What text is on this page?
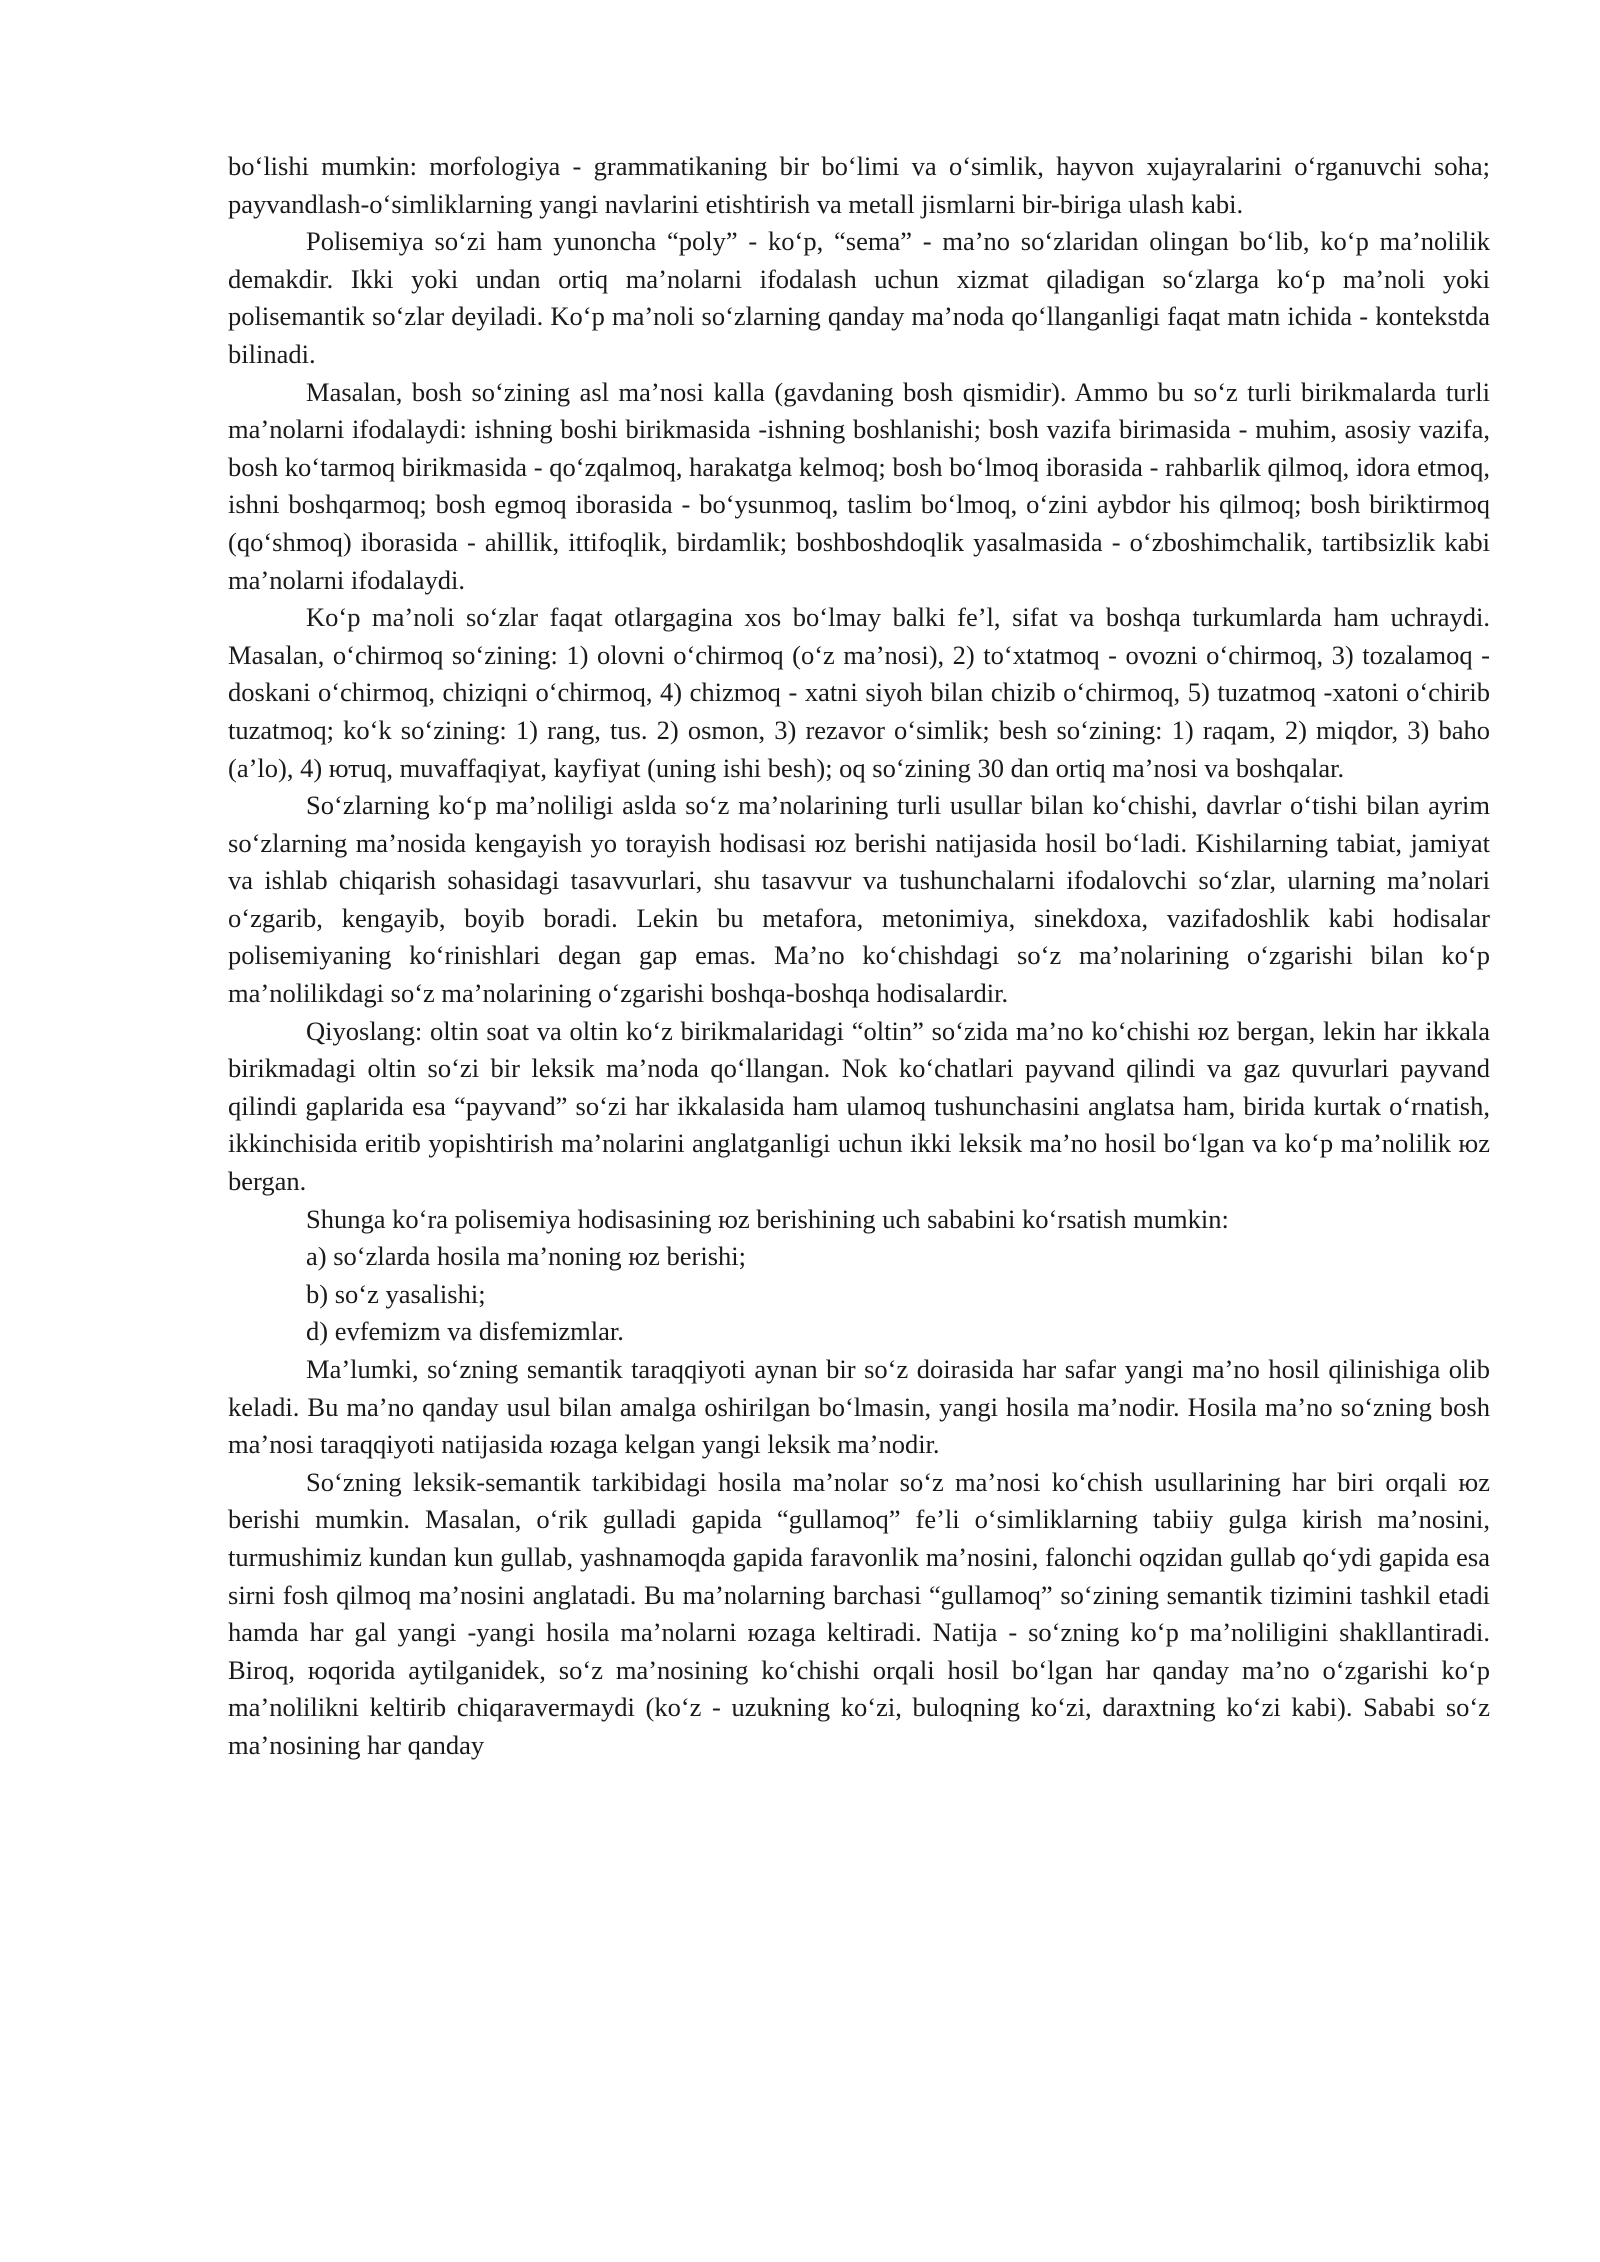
bo‘lishi mumkin: morfologiya - grammatikaning bir bo‘limi va o‘simlik, hayvon xujayralarini o‘rganuvchi soha; payvandlash-o‘simliklarning yangi navlarini etishtirish va metall jismlarni bir-biriga ulash kabi.

Polisemiya so‘zi ham yunoncha “poly” - ko‘p, “sema” - ma’no so‘zlaridan olingan bo‘lib, ko‘p ma’nolilik demakdir. Ikki yoki undan ortiq ma’nolarni ifodalash uchun xizmat qiladigan so‘zlarga ko‘p ma’noli yoki polisemantik so‘zlar deyiladi. Ko‘p ma’noli so‘zlarning qanday ma’noda qo‘llanganligi faqat matn ichida - kontekstda bilinadi.

Masalan, bosh so‘zining asl ma’nosi kalla (gavdaning bosh qismidir). Ammo bu so‘z turli birikmalarda turli ma’nolarni ifodalaydi: ishning boshi birikmasida -ishning boshlanishi; bosh vazifa birimasida - muhim, asosiy vazifa, bosh ko‘tarmoq birikmasida - qo‘zqalmoq, harakatga kelmoq; bosh bo‘lmoq iborasida - rahbarlik qilmoq, idora etmoq, ishni boshqarmoq; bosh egmoq iborasida - bo‘ysunmoq, taslim bo‘lmoq, o‘zini aybdor his qilmoq; bosh biriktirmoq (qo‘shmoq) iborasida - ahillik, ittifoqlik, birdamlik; boshboshdoqlik yasalmasida - o‘zboshimchalik, tartibsizlik kabi ma’nolarni ifodalaydi.

Ko‘p ma’noli so‘zlar faqat otlargagina xos bo‘lmay balki fe’l, sifat va boshqa turkumlarda ham uchraydi. Masalan, o‘chirmoq so‘zining: 1) olovni o‘chirmoq (o‘z ma’nosi), 2) to‘xtatmoq - ovozni o‘chirmoq, 3) tozalamoq -doskani o‘chirmoq, chiziqni o‘chirmoq, 4) chizmoq - xatni siyoh bilan chizib o‘chirmoq, 5) tuzatmoq -xatoni o‘chirib tuzatmoq; ko‘k so‘zining: 1) rang, tus. 2) osmon, 3) rezavor o‘simlik; besh so‘zining: 1) raqam, 2) miqdor, 3) baho (a’lo), 4) ютuq, muvaffaqiyat, kayfiyat (uning ishi besh); oq so‘zining 30 dan ortiq ma’nosi va boshqalar.

So‘zlarning ko‘p ma’noliligi aslda so‘z ma’nolarining turli usullar bilan ko‘chishi, davrlar o‘tishi bilan ayrim so‘zlarning ma’nosida kengayish yo torayish hodisasi юz berishi natijasida hosil bo‘ladi. Kishilarning tabiat, jamiyat va ishlab chiqarish sohasidagi tasavvurlari, shu tasavvur va tushunchalarni ifodalovchi so‘zlar, ularning ma’nolari o‘zgarib, kengayib, boyib boradi. Lekin bu metafora, metonimiya, sinekdoxa, vazifadoshlik kabi hodisalar polisemiyaning ko‘rinishlari degan gap emas. Ma’no ko‘chishdagi so‘z ma’nolarining o‘zgarishi bilan ko‘p ma’nolilikdagi so‘z ma’nolarining o‘zgarishi boshqa-boshqa hodisalardir.

Qiyoslang: oltin soat va oltin ko‘z birikmalaridagi “oltin” so‘zida ma’no ko‘chishi юz bergan, lekin har ikkala birikmadagi oltin so‘zi bir leksik ma’noda qo‘llangan. Nok ko‘chatlari payvand qilindi va gaz quvurlari payvand qilindi gaplarida esa “payvand” so‘zi har ikkalasida ham ulamoq tushunchasini anglatsa ham, birida kurtak o‘rnatish, ikkinchisida eritib yopishtirish ma’nolarini anglatganligi uchun ikki leksik ma’no hosil bo‘lgan va ko‘p ma’nolilik юz bergan.

Shunga ko‘ra polisemiya hodisasining юz berishining uch sababini ko‘rsatish mumkin:

a) so‘zlarda hosila ma’noning юz berishi;

b) so‘z yasalishi;

d) evfemizm va disfemizmlar.

Ma’lumki, so‘zning semantik taraqqiyoti aynan bir so‘z doirasida har safar yangi ma’no hosil qilinishiga olib keladi. Bu ma’no qanday usul bilan amalga oshirilgan bo‘lmasin, yangi hosila ma’nodir. Hosila ma’no so‘zning bosh ma’nosi taraqqiyoti natijasida юzaga kelgan yangi leksik ma’nodir.

So‘zning leksik-semantik tarkibidagi hosila ma’nolar so‘z ma’nosi ko‘chish usullarining har biri orqali юz berishi mumkin. Masalan, o‘rik gulladi gapida “gullamoq” fe’li o‘simliklarning tabiiy gulga kirish ma’nosini, turmushimiz kundan kun gullab, yashnamoqda gapida faravonlik ma’nosini, falonchi oqzidan gullab qo‘ydi gapida esa sirni fosh qilmoq ma’nosini anglatadi. Bu ma’nolarning barchasi “gullamoq” so‘zining semantik tizimini tashkil etadi hamda har gal yangi -yangi hosila ma’nolarni юzaga keltiradi. Natija - so‘zning ko‘p ma’noliligini shakllantiradi. Biroq, юqorida aytilganidek, so‘z ma’nosining ko‘chishi orqali hosil bo‘lgan har qanday ma’no o‘zgarishi ko‘p ma’nolilikni keltirib chiqaravermaydi (ko‘z - uzukning ko‘zi, buloqning ko‘zi, daraxtning ko‘zi kabi). Sababi so‘z ma’nosining har qanday
